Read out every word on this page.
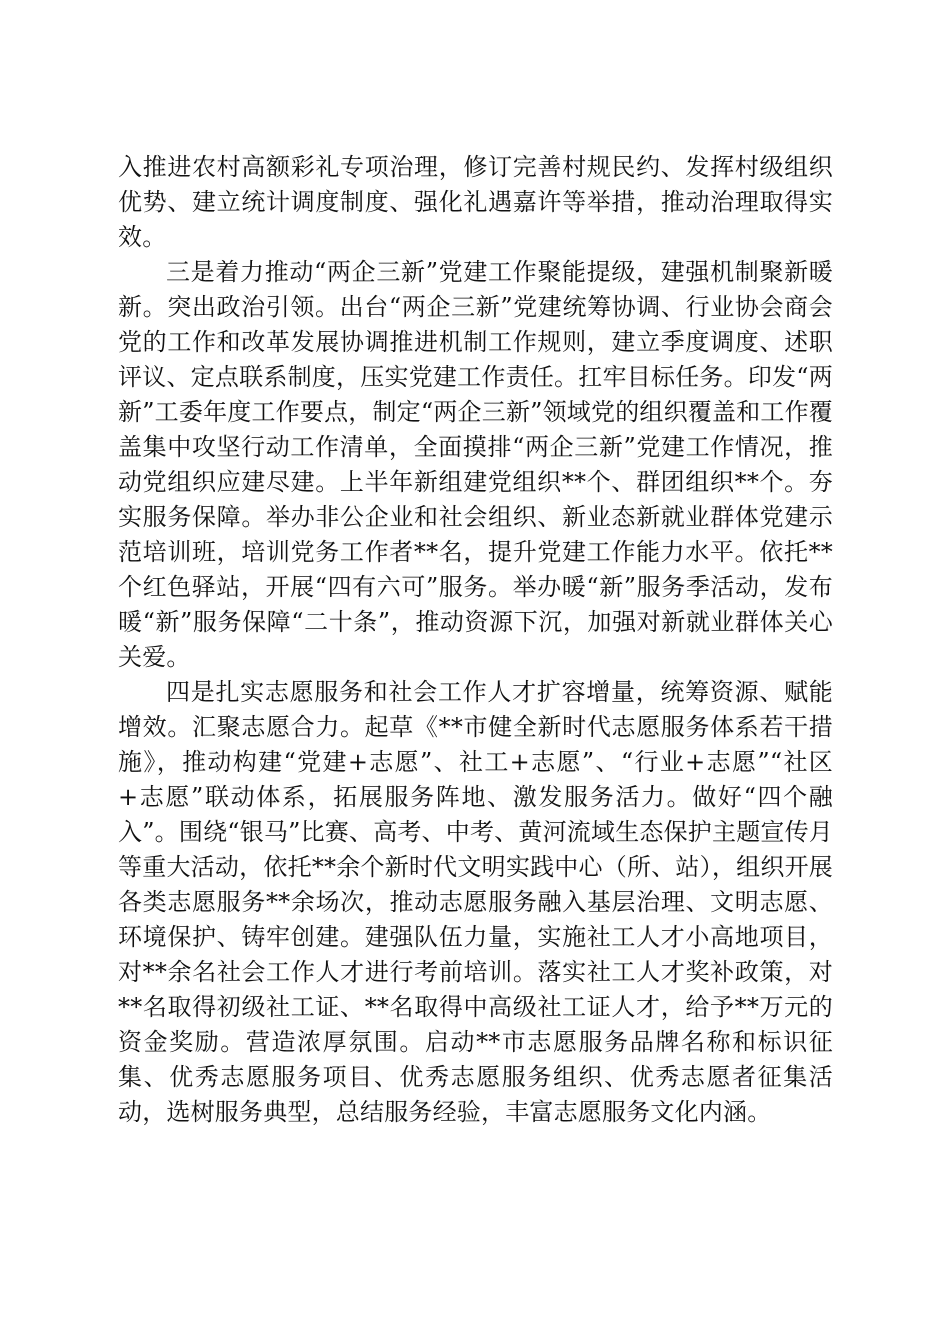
入推进农村高额彩礼专项治理，修订完善村规民约、发挥村级组织优势、建立统计调度制度、强化礼遇嘉许等举措，推动治理取得实效。

三是着力推动“两企三新”党建工作聚能提级，建强机制聚新暖新。突出政治引领。出台“两企三新”党建统筹协调、行业协会商会党的工作和改革发展协调推进机制工作规则，建立季度调度、述职评议、定点联系制度，压实党建工作责任。扛牢目标任务。印发“两新”工委年度工作要点，制定“两企三新”领域党的组织覆盖和工作覆盖集中攻坚行动工作清单，全面摸排“两企三新”党建工作情况，推动党组织应建尽建。上半年新组建党组织**个、群团组织**个。夯实服务保障。举办非公企业和社会组织、新业态新就业群体党建示范培训班，培训党务工作者**名，提升党建工作能力水平。依托**个红色驿站，开展“四有六可”服务。举办暖“新”服务季活动，发布暖“新”服务保障“二十条”，推动资源下沉，加强对新就业群体关心关爱。

四是扎实志愿服务和社会工作人才扩容增量，统筹资源、赋能增效。汇聚志愿合力。起草《**市健全新时代志愿服务体系若干措施》，推动构建“党建+志愿”、社工+志愿”、“行业+志愿”“社区+志愿”联动体系，拓展服务阵地、激发服务活力。做好“四个融入”。围绕“银马”比赛、高考、中考、黄河流域生态保护主题宣传月等重大活动，依托**余个新时代文明实践中心（所、站），组织开展各类志愿服务**余场次，推动志愿服务融入基层治理、文明志愿、环境保护、铸牢创建。建强队伍力量，实施社工人才小高地项目，对**余名社会工作人才进行考前培训。落实社工人才奖补政策，对**名取得初级社工证、**名取得中高级社工证人才，给予**万元的资金奖励。营造浓厚氛围。启动**市志愿服务品牌名称和标识征集、优秀志愿服务项目、优秀志愿服务组织、优秀志愿者征集活动，选树服务典型，总结服务经验，丰富志愿服务文化内涵。
